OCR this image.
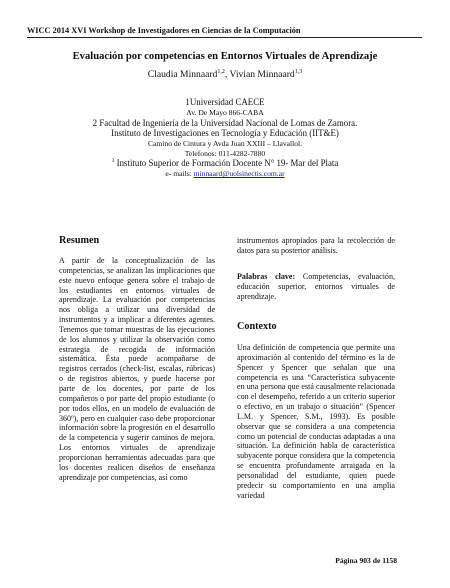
WICC 2014 XVI Workshop de Investigadores en Ciencias de la Computación
Evaluación por competencias en Entornos Virtuales de Aprendizaje
Claudia Minnaard$^{1,2}$, Vivian Minnaard$^{1,3}$
1Universidad CAECE
Av. De Mayo 866-CABA
2 Facultad de Ingeniería de la Universidad Nacional de Lomas de Zamora.
Instituto de Investigaciones en Tecnología y Educación (IIT&E)
Camino de Cintura y Avda Juan XXIII – Llavallol.
Telefonos: 011-4282-7880
$^3$ Instituto Superior de Formación Docente N° 19- Mar del Plata
e- mails: minnaard@uolsinectis.com.ar
Resumen

A partir de la conceptualización de las competencias, se analizan las implicaciones que este nuevo enfoque genera sobre el trabajo de los estudiantes en entornos virtuales de aprendizaje. La evaluación por competencias nos obliga a utilizar una diversidad de instrumentos y a implicar a diferentes agentes. Tenemos que tomar muestras de las ejecuciones de los alumnos y utilizar la observación como estrategia de recogida de información sistemática. Ésta puede acompañarse de registros cerrados (check-list, escalas, rúbricas) o de registros abiertos, y puede hacerse por parte de los docentes, por parte de los compañeros o por parte del propio estudiante (o por todos ellos, en un modelo de evaluación de 360º), pero en cualquier caso debe proporcionar información sobre la progresión en el desarrollo de la competencia y sugerir caminos de mejora. Los entornos virtuales de aprendizaje proporcionan herramientas adecuadas para que los docentes realicen diseños de enseñanza aprendizaje por competencias, así como

instrumentos apropiados para la recolección de datos para su posterior análisis.

Palabras clave: Competencias, evaluación, educación superior, entornos virtuales de aprendizaje.

Contexto

Una definición de competencia que permite una aproximación al contenido del término es la de Spencer y Spencer que señalan que una competencia es una “Característica subyacente en una persona que está causalmente relacionada con el desempeño, referido a un criterio superior o efectivo, en un trabajo o situación” (Spencer L.M. y Spencer, S.M., 1993). Es posible observar que se considera a una competencia como un potencial de conductas adaptadas a una situación. La definición habla de característica subyacente porque considera que la competencia se encuentra profundamente arraigada en la personalidad del estudiante, quien puede predecir su comportamiento en una amplia variedad

Página 903 de 1158
